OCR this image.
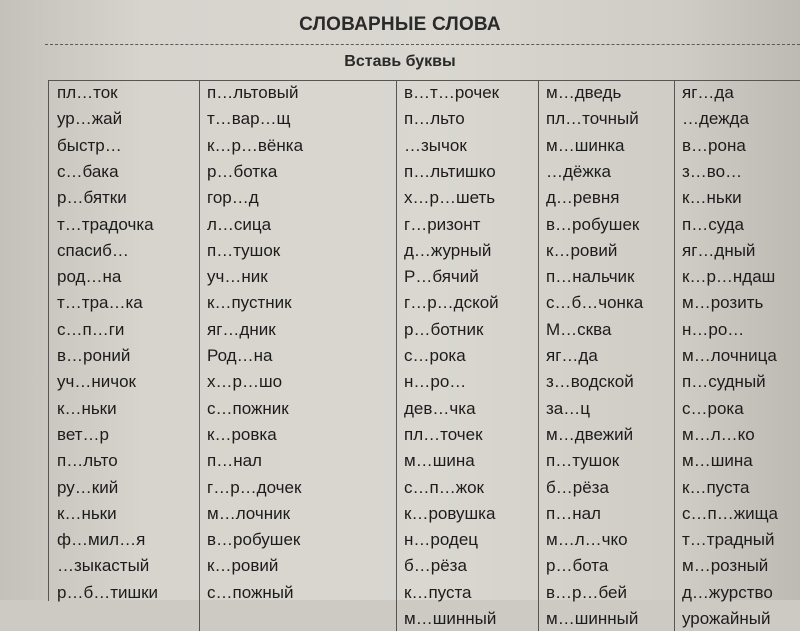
СЛОВАРНЫЕ СЛОВА
Вставь буквы
пл…ток
ур…жай
быстр…
с…бака
р…бятки
т…традочка
спасиб…
род…на
т…тра…ка
с…п…ги
в…роний
уч…ничок
к…ньки
вет…р
п…льто
ру…кий
к…ньки
ф…мил…я
…зыкастый
р…б…тишки
п…льтовый
т…вар…щ
к…р…вёнка
р…ботка
гор…д
л…сица
п…тушок
уч…ник
к…пустник
яг…дник
Род…на
х…р…шо
с…пожник
к…ровка
п…нал
г…р…дочек
м…лочник
в…робушек
к…ровий
с…пожный
в…т…рочек
п…льто
…зычок
п…льтишко
х…р…шеть
г…ризонт
д…журный
Р…бячий
г…р…дской
р…ботник
с…рока
н…ро…
дев…чка
пл…точек
м…шина
с…п…жок
к…ровушка
н…родец
б…рёза
к…пуста
м…шинный
м…дведь
пл…точный
м…шинка
…дёжка
д…ревня
в…робушек
к…ровий
п…нальчик
с…б…чонка
М…сква
яг…да
з…водской
за…ц
м…двежий
п…тушок
б…рёза
п…нал
м…л…чко
р…бота
в…р…бей
м…шинный
яг…да
…дежда
в…рона
з…во…
к…ньки
п…суда
яг…дный
к…р…ндаш
м…розить
н…ро…
м…лочница
п…судный
с…рока
м…л…ко
м…шина
к…пуста
с…п…жища
т…традный
м…розный
д…журство
урожайный
